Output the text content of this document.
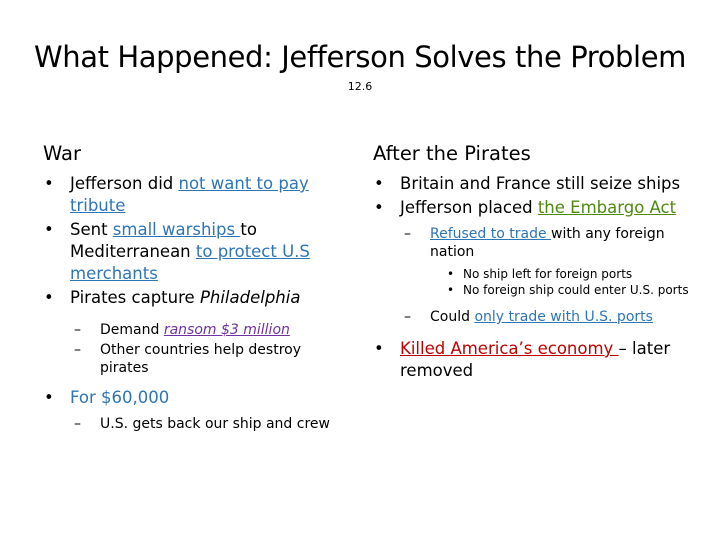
What Happened: Jefferson Solves the Problem
12.6
War
• Jefferson did not want to pay tribute
• Sent small warships to Mediterranean to protect U.S merchants
• Pirates capture Philadelphia
– Demand ransom $3 million
– Other countries help destroy pirates
• For $60,000
– U.S. gets back our ship and crew
After the Pirates
• Britain and France still seize ships
• Jefferson placed the Embargo Act
– Refused to trade with any foreign nation
• No ship left for foreign ports
• No foreign ship could enter U.S. ports
– Could only trade with U.S. ports
• Killed America’s economy – later removed
